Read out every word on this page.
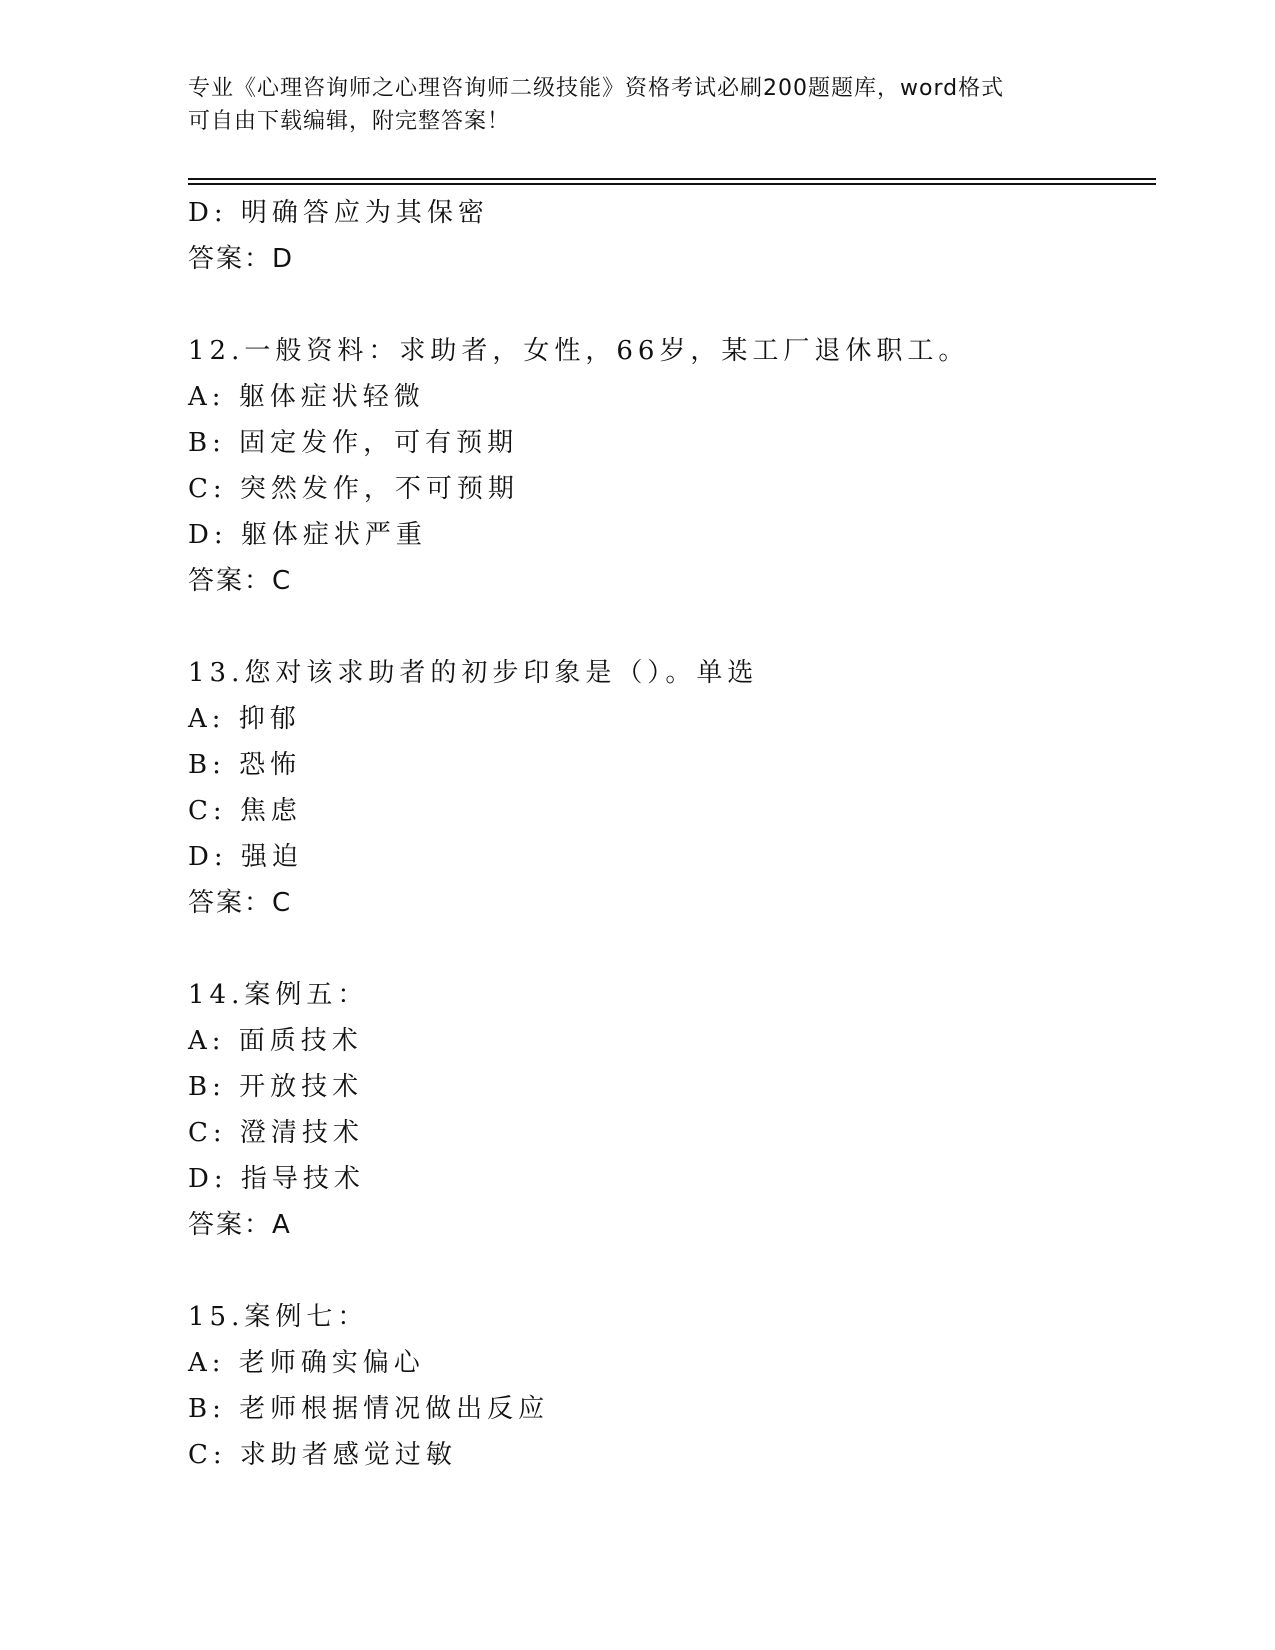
专业《心理咨询师之心理咨询师二级技能》资格考试必刷200题题库，word格式
可自由下载编辑，附完整答案！
D: 明确答应为其保密
答案：D
12.一般资料：求助者，女性，66岁，某工厂退休职工。
A: 躯体症状轻微
B: 固定发作，可有预期
C: 突然发作，不可预期
D: 躯体症状严重
答案：C
13.您对该求助者的初步印象是（）。单选
A: 抑郁
B: 恐怖
C: 焦虑
D: 强迫
答案：C
14.案例五：
A: 面质技术
B: 开放技术
C: 澄清技术
D: 指导技术
答案：A
15.案例七：
A: 老师确实偏心
B: 老师根据情况做出反应
C: 求助者感觉过敏
